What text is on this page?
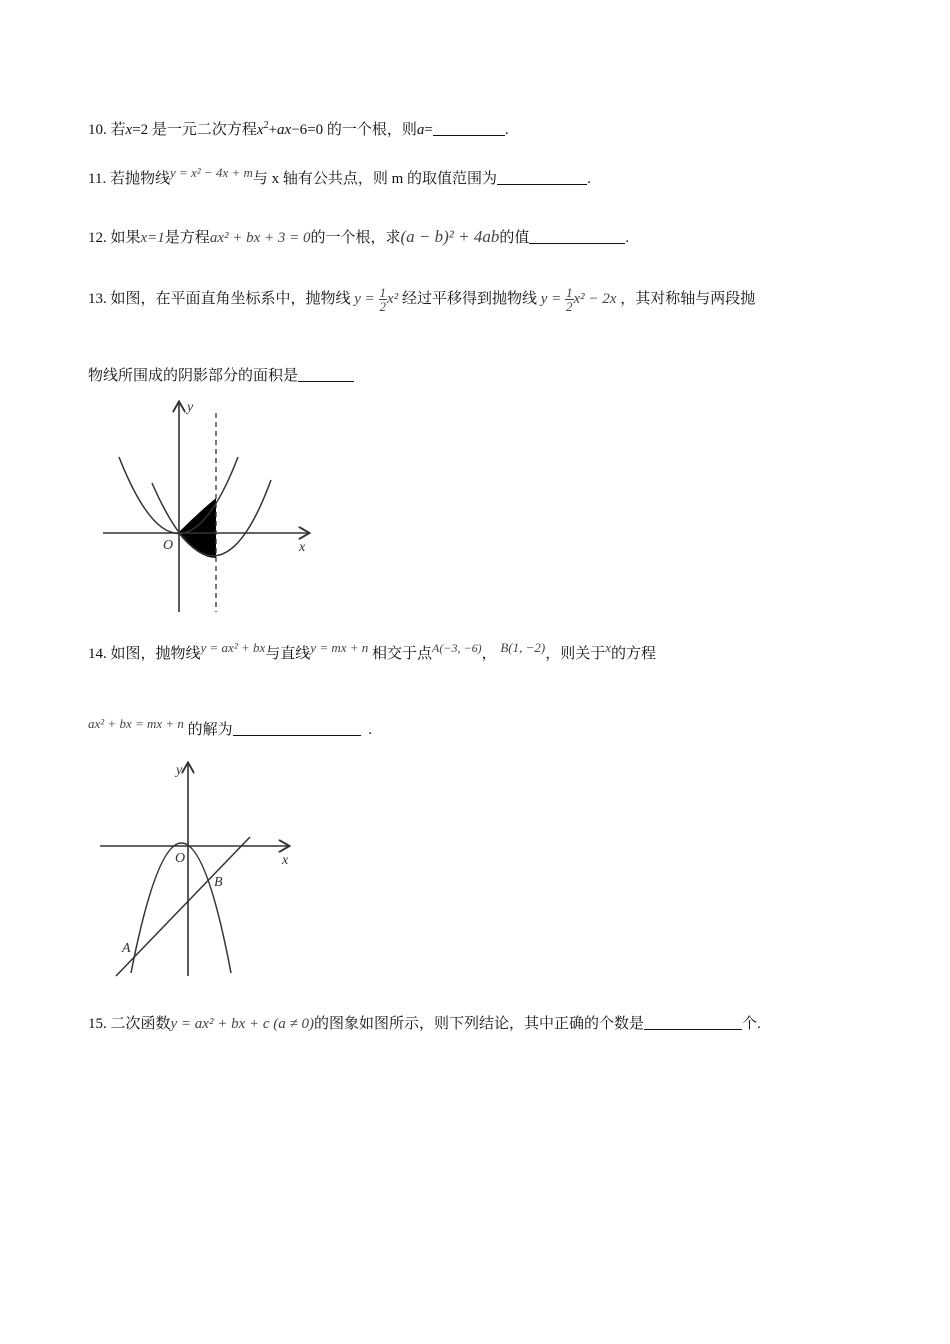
10. 若x=2 是一元二次方程$x^2+ax-6=0$ 的一个根，则a=	.
11. 若抛物线y = x² − 4x + m与 x 轴有公共点，则 m 的取值范围为	.
12. 如果x=1是方程ax² + bx + 3 = 0的一个根，求(a − b)² + 4ab的值	.
13. 如图，在平面直角坐标系中，抛物线 $y = \frac{1}{2} x^2$ 经过平移得到抛物线 $y = \frac{1}{2} x^2 - 2x$ ，其对称轴与两段抛
物线所围成的阴影部分的面积是
y
x
O
14. 如图，抛物线y = ax² + bx与直线y = mx + n 相交于点$^{A(-3, -6)}$， B(1, −2)，则关于x的方程
ax² + bx = mx + n 的解为	.
y
x
O
A
B
15. 二次函数y = ax² + bx + c (a ≠ 0)的图象如图所示，则下列结论，其中正确的个数是	个.
